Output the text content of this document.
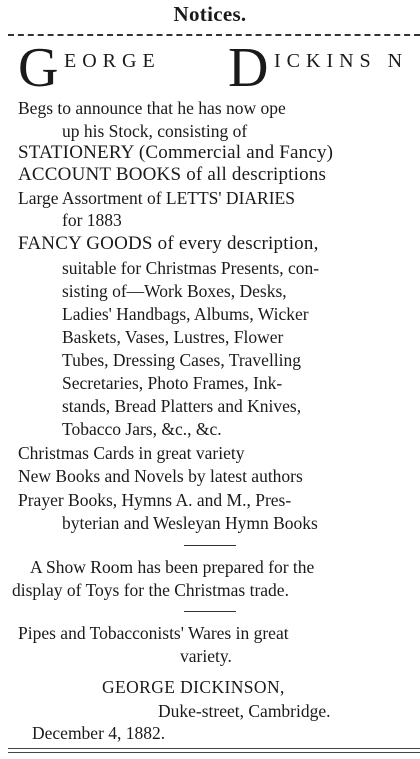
Notices.
G EORGE D ICKINS N
Begs to announce that he has now ope
up his Stock, consisting of
STATIONERY (Commercial and Fancy)
ACCOUNT BOOKS of all descriptions
Large Assortment of LETTS' DIARIES
for 1883
FANCY GOODS of every description,
suitable for Christmas Presents, con-
sisting of—Work Boxes, Desks,
Ladies' Handbags, Albums, Wicker
Baskets, Vases, Lustres, Flower
Tubes, Dressing Cases, Travelling
Secretaries, Photo Frames, Ink-
stands, Bread Platters and Knives,
Tobacco Jars, &c., &c.
Christmas Cards in great variety
New Books and Novels by latest authors
Prayer Books, Hymns A. and M., Pres-
byterian and Wesleyan Hymn Books
A Show Room has been prepared for the
display of Toys for the Christmas trade.
Pipes and Tobacconists' Wares in great
variety.
GEORGE DICKINSON,
Duke-street, Cambridge.
December 4, 1882.
